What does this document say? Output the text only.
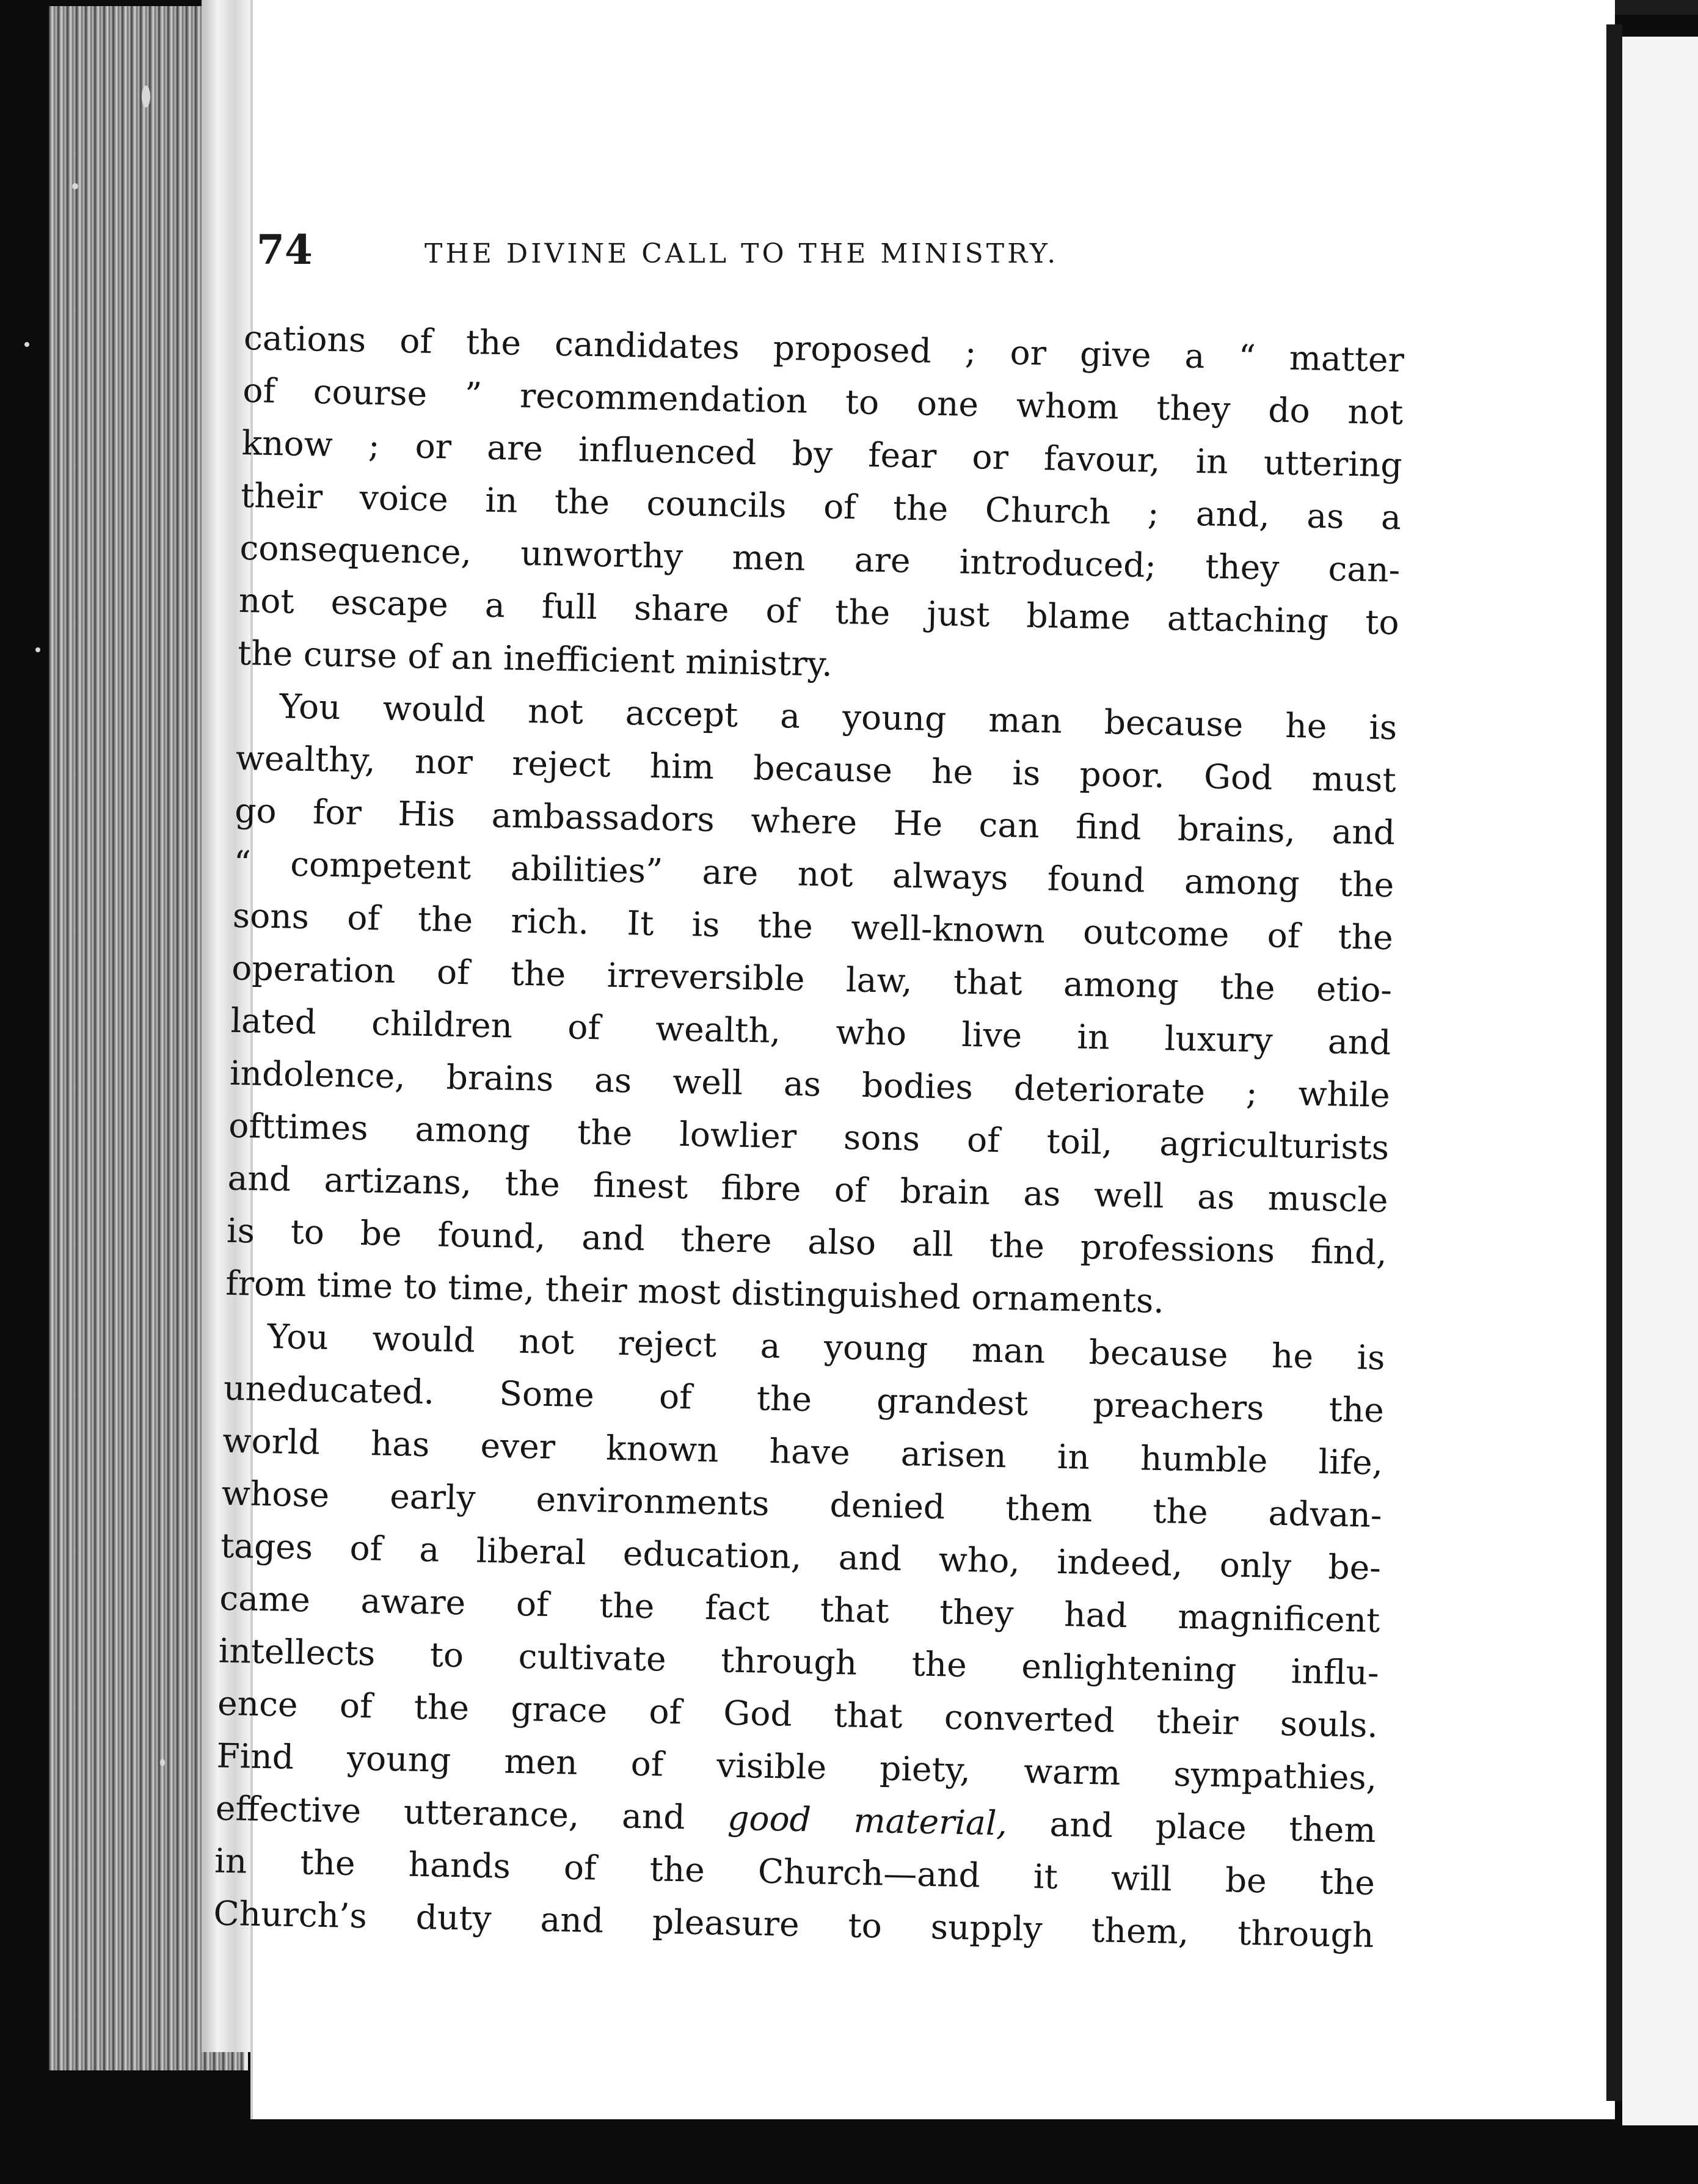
74	THE DIVINE CALL TO THE MINISTRY.
cations of the candidates proposed ; or give a “ matter
of course ” recommendation to one whom they do not
know ; or are influenced by fear or favour, in uttering
their voice in the councils of the Church ; and, as a
consequence, unworthy men are introduced; they can-
not escape a full share of the just blame attaching to
the curse of an inefficient ministry.
You would not accept a young man because he is
wealthy, nor reject him because he is poor. God must
go for His ambassadors where He can find brains, and
“ competent abilities” are not always found among the
sons of the rich. It is the well-known outcome of the
operation of the irreversible law, that among the etio-
lated children of wealth, who live in luxury and
indolence, brains as well as bodies deteriorate ; while
ofttimes among the lowlier sons of toil, agriculturists
and artizans, the finest fibre of brain as well as muscle
is to be found, and there also all the professions find,
from time to time, their most distinguished ornaments.
You would not reject a young man because he is
uneducated. Some of the grandest preachers the
world has ever known have arisen in humble life,
whose early environments denied them the advan-
tages of a liberal education, and who, indeed, only be-
came aware of the fact that they had magnificent
intellects to cultivate through the enlightening influ-
ence of the grace of God that converted their souls.
Find young men of visible piety, warm sympathies,
effective utterance, and good material, and place them
in the hands of the Church—and it will be the
Church’s duty and pleasure to supply them, through
